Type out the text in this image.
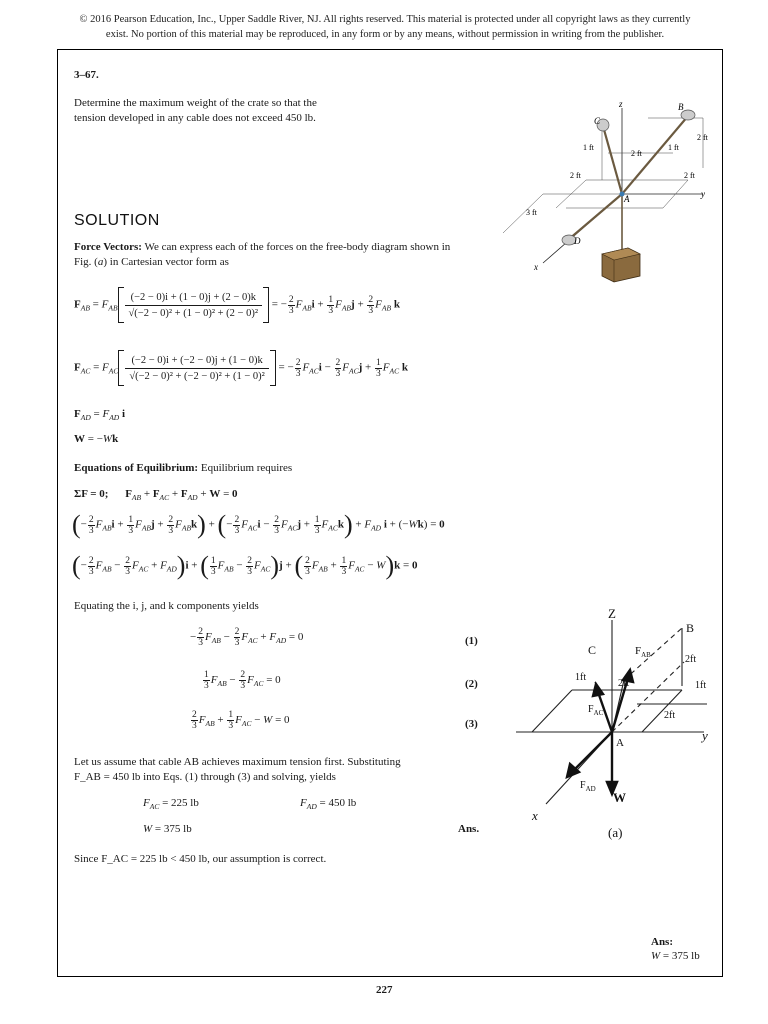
© 2016 Pearson Education, Inc., Upper Saddle River, NJ. All rights reserved. This material is protected under all copyright laws as they currently
exist. No portion of this material may be reproduced, in any form or by any means, without permission in writing from the publisher.
3–67.
Determine the maximum weight of the crate so that the
tension developed in any cable does not exceed 450 lb.
z	B
C
A
D
x
y
1 ft
2 ft
1 ft
2 ft
2 ft	2 ft
3 ft
SOLUTION
Force Vectors: We can express each of the forces on the free-body diagram shown in
Fig. (a) in Cartesian vector form as
$F_{AB} = F_{AB} \frac{(-2 - 0)i + (1 - 0)j + (2 - 0)k}{\text{√(−2 − 0)² + (1 − 0)² + (2 − 0)²}}$ = − $\frac{2}{3} F_{AB}i + \frac{1}{3} F_{AB}j + \frac{2}{3} F_{AB}$ k
$F_{AC} = F_{AC} \frac{(-2 - 0)i + (-2 - 0)j + (1 - 0)k}{\text{√(−2 − 0)² + (−2 − 0)² + (1 − 0)²}}$ = − $\frac{2}{3} F_{AC}i - \frac{2}{3} F_{AC}j + \frac{1}{3} F_{AC}$ k
$F_{AD} = F_{AD}$ i
W = −Wk
Equations of Equilibrium: Equilibrium requires
ΣF = 0; $F_{AB} + F_{AC} + F_{AD} + W = 0$
(− $\frac{2}{3} F_{AB}i + \frac{1}{3} F_{AB}j + \frac{2}{3} F_{AB}k$) + (− $\frac{2}{3} F_{AC}i - \frac{2}{3} F_{AC}j + \frac{1}{3} F_{AC}k) + F_{AD}$ i + (−Wk) = 0
(− $\frac{2}{3} F_{AB} - \frac{2}{3} F_{AC} + F_{AD})i$ + ( $\frac{1}{3} F_{AB} - \frac{2}{3} F_{AC})j$ + ( $\frac{2}{3} F_{AB} + \frac{1}{3} F_{AC} - W)k = 0$
Equating the i, j, and k components yields
− $\frac{2}{3} F_{AB} - \frac{2}{3} F_{AC} + F_{AD} = 0$	(1)
$\frac{1}{3} F_{AB} - \frac{2}{3} F_{AC} = 0$	(2)
$\frac{2}{3} F_{AB} + \frac{1}{3} F_{AC} - W = 0$	(3)
Let us assume that cable AB achieves maximum tension first. Substituting
F_AB = 450 lb into Eqs. (1) through (3) and solving, yields
$F_{AC} = 225$ lb	$F_{AD} = 450$ lb
W = 375 lb	Ans.
Since F_AC = 225 lb < 450 lb, our assumption is correct.
Z
B
C	$F_{AB}$	2ft
1ft
2ft	1ft
2ft
$F_{AC}$
A	y
$F_{AD}$
W
x
(a)
Ans:
W = 375 lb
227
